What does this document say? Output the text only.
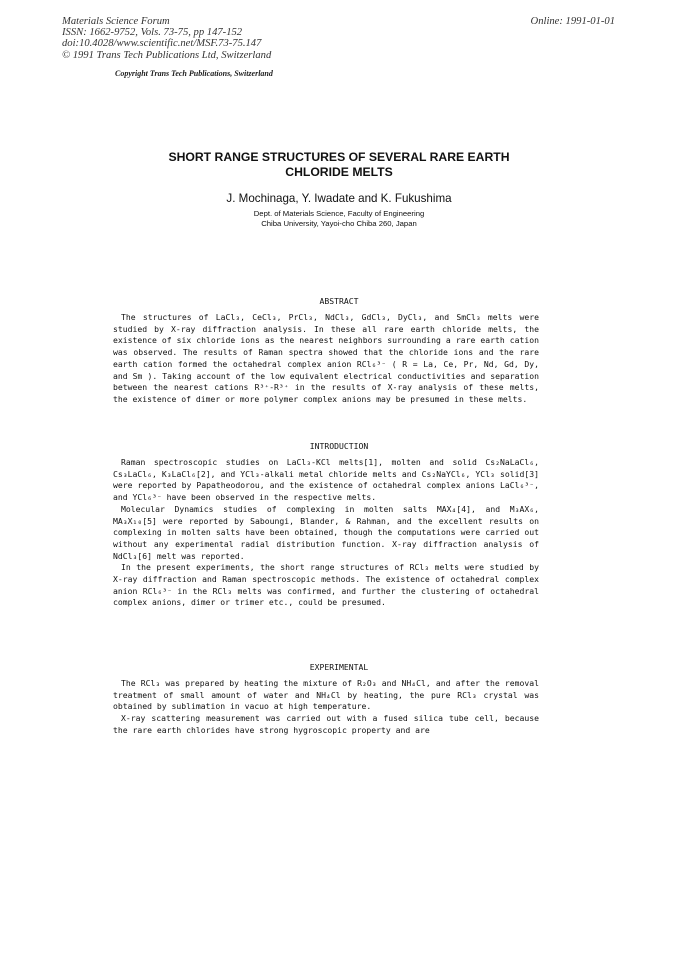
Materials Science Forum
ISSN: 1662-9752, Vols. 73-75, pp 147-152
doi:10.4028/www.scientific.net/MSF.73-75.147
© 1991 Trans Tech Publications Ltd, Switzerland
Online: 1991-01-01
Copyright Trans Tech Publications, Switzerland
SHORT RANGE STRUCTURES OF SEVERAL RARE EARTH
CHLORIDE MELTS
J. Mochinaga, Y. Iwadate and K. Fukushima
Dept. of Materials Science, Faculty of Engineering
Chiba University, Yayoi-cho Chiba 260, Japan
ABSTRACT

The structures of LaCl₃, CeCl₃, PrCl₃, NdCl₃, GdCl₃, DyCl₃, and SmCl₃ melts were studied by X-ray diffraction analysis. In these all rare earth chloride melts, the existence of six chloride ions as the nearest neighbors surrounding a rare earth cation was observed. The results of Raman spectra showed that the chloride ions and the rare earth cation formed the octahedral complex anion RCl₆³⁻ ( R = La, Ce, Pr, Nd, Gd, Dy, and Sm ). Taking account of the low equivalent electrical conductivities and separation between the nearest cations R³⁺-R³⁺ in the results of X-ray analysis of these melts, the existence of dimer or more polymer complex anions may be presumed in these melts.

INTRODUCTION

Raman spectroscopic studies on LaCl₃-KCl melts[1], molten and solid Cs₂NaLaCl₆, Cs₃LaCl₆, K₃LaCl₆[2], and YCl₃-alkali metal chloride melts and Cs₂NaYCl₆, YCl₃ solid[3] were reported by Papatheodorou, and the existence of octahedral complex anions LaCl₆³⁻, and YCl₆³⁻ have been observed in the respective melts.

Molecular Dynamics studies of complexing in molten salts MAX₄[4], and M₃AX₆, MA₃X₁₀[5] were reported by Saboungi, Blander, & Rahman, and the excellent results on complexing in molten salts have been obtained, though the computations were carried out without any experimental radial distribution function. X-ray diffraction analysis of NdCl₃[6] melt was reported.

In the present experiments, the short range structures of RCl₃ melts were studied by X-ray diffraction and Raman spectroscopic methods. The existence of octahedral complex anion RCl₆³⁻ in the RCl₃ melts was confirmed, and further the clustering of octahedral complex anions, dimer or trimer etc., could be presumed.

EXPERIMENTAL

The RCl₃ was prepared by heating the mixture of R₂O₃ and NH₄Cl, and after the removal treatment of small amount of water and NH₄Cl by heating, the pure RCl₃ crystal was obtained by sublimation in vacuo at high temperature.

X-ray scattering measurement was carried out with a fused silica tube cell, because the rare earth chlorides have strong hygroscopic property and are
